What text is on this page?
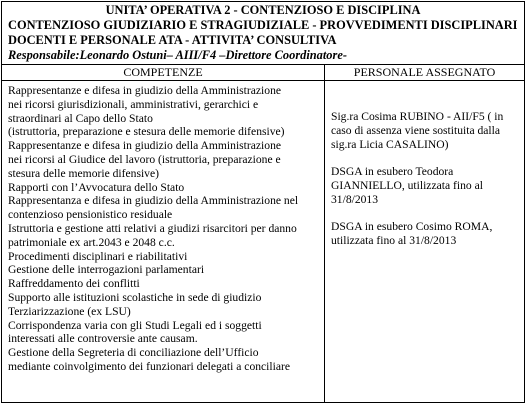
UNITA’ OPERATIVA 2 - CONTENZIOSO E DISCIPLINA
CONTENZIOSO GIUDIZIARIO E STRAGIUDIZIALE - PROVVEDIMENTI DISCIPLINARI
DOCENTI E PERSONALE ATA - ATTIVITA’ CONSULTIVA
Responsabile:Leonardo Ostuni– AIII/F4 –Direttore Coordinatore-
COMPETENZE	PERSONALE ASSEGNATO
Rappresentanze e difesa in giudizio della Amministrazione
nei ricorsi giurisdizionali, amministrativi, gerarchici e
straordinari al Capo dello Stato
(istruttoria, preparazione e stesura delle memorie difensive)
Rappresentanze e difesa in giudizio della Amministrazione
nei ricorsi al Giudice del lavoro (istruttoria, preparazione e
stesura delle memorie difensive)
Rapporti con l’Avvocatura dello Stato
Rappresentanza e difesa in giudizio della Amministrazione nel
contenzioso pensionistico residuale
Istruttoria e gestione atti relativi a giudizi risarcitori per danno
patrimoniale ex art.2043 e 2048 c.c.
Procedimenti disciplinari e riabilitativi
Gestione delle interrogazioni parlamentari
Raffreddamento dei conflitti
Supporto alle istituzioni scolastiche in sede di giudizio
Terziarizzazione (ex LSU)
Corrispondenza varia con gli Studi Legali ed i soggetti
interessati alle controversie ante causam.
Gestione della Segreteria di conciliazione dell’Ufficio
mediante coinvolgimento dei funzionari delegati a conciliare
Sig.ra Cosima RUBINO - AII/F5 ( in
caso di assenza viene sostituita dalla
sig.ra Licia CASALINO)
DSGA in esubero Teodora
GIANNIELLO, utilizzata fino al
31/8/2013
DSGA in esubero Cosimo ROMA,
utilizzata fino al 31/8/2013
